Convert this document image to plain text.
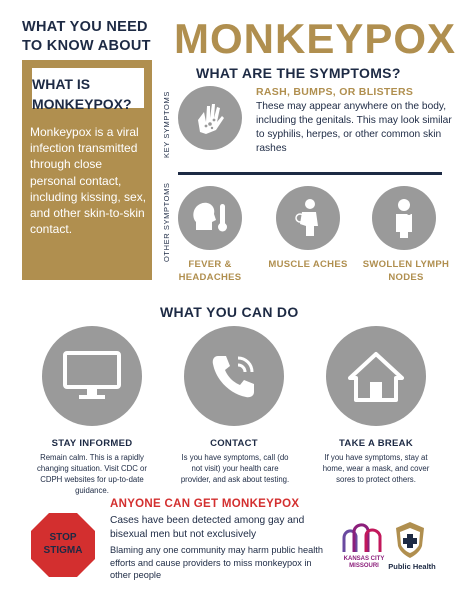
WHAT YOU NEED TO KNOW ABOUT MONKEYPOX
WHAT IS MONKEYPOX?
Monkeypox is a viral infection transmitted through close personal contact, including kissing, sex, and other skin-to-skin contact.
WHAT ARE THE SYMPTOMS?
KEY SYMPTOMS
OTHER SYMPTOMS
RASH, BUMPS, OR BLISTERS
These may appear anywhere on the body, including the genitals. This may look similar to syphilis, herpes, or other common skin rashes
FEVER & HEADACHES
MUSCLE ACHES SWOLLEN LYMPH NODES
WHAT YOU CAN DO
STAY INFORMED
Remain calm. This is a rapidly changing situation. Visit CDC or CDPH websites for up-to-date guidance.
CONTACT
Is you have symptoms, call (do not visit) your health care provider, and ask about testing.
TAKE A BREAK
If you have symptoms, stay at home, wear a mask, and cover sores to protect others.
STOP STIGMA
ANYONE CAN GET MONKEYPOX
Cases have been detected among gay and bisexual men but not exclusively
Blaming any one community may harm public health efforts and cause providers to miss monkeypox in other people
KANSAS CITY MISSOURI	Public Health
